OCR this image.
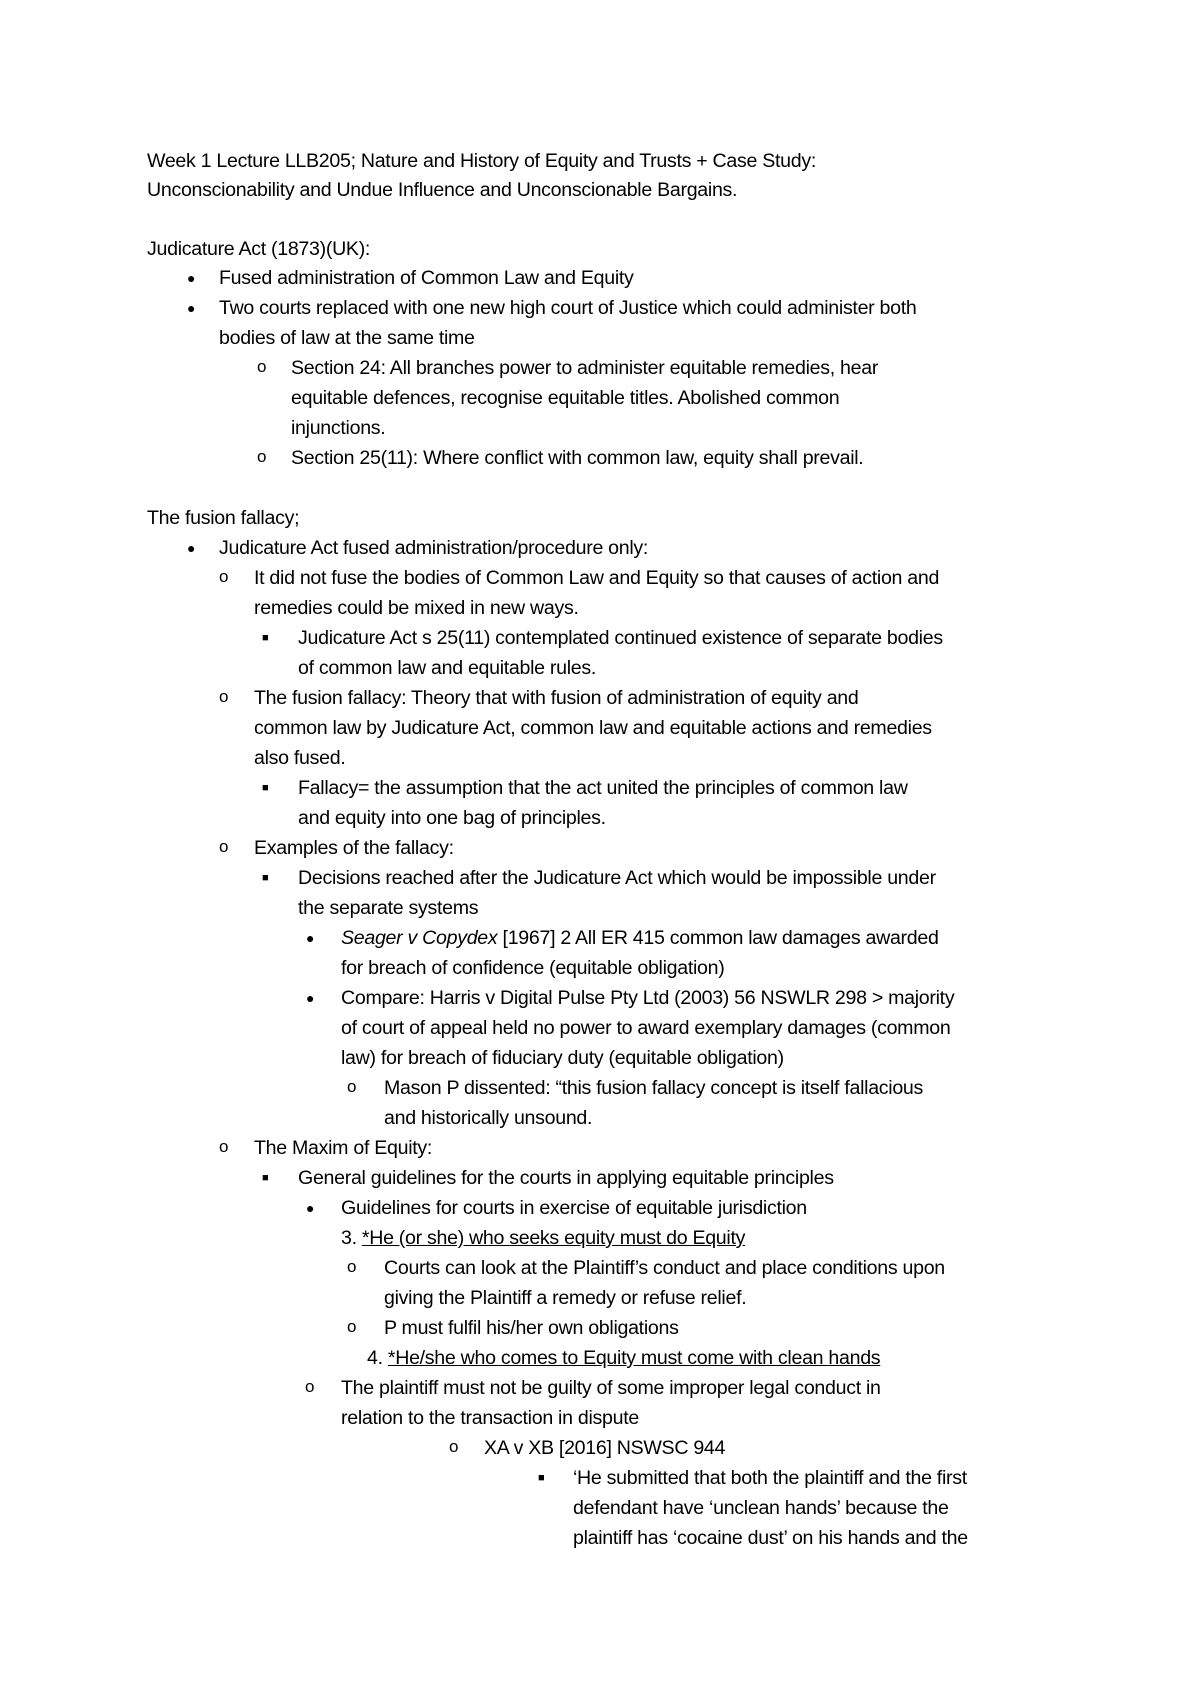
Week 1 Lecture LLB205; Nature and History of Equity and Trusts + Case Study:
Unconscionability and Undue Influence and Unconscionable Bargains.
Judicature Act (1873)(UK):
● Fused administration of Common Law and Equity
● Two courts replaced with one new high court of Justice which could administer both
bodies of law at the same time
o Section 24: All branches power to administer equitable remedies, hear
equitable defences, recognise equitable titles. Abolished common
injunctions.
o Section 25(11): Where conflict with common law, equity shall prevail.
The fusion fallacy;
● Judicature Act fused administration/procedure only:
o It did not fuse the bodies of Common Law and Equity so that causes of action and
remedies could be mixed in new ways.
■ Judicature Act s 25(11) contemplated continued existence of separate bodies
of common law and equitable rules.
o The fusion fallacy: Theory that with fusion of administration of equity and
common law by Judicature Act, common law and equitable actions and remedies
also fused.
■ Fallacy= the assumption that the act united the principles of common law
and equity into one bag of principles.
o Examples of the fallacy:
■ Decisions reached after the Judicature Act which would be impossible under
the separate systems
● Seager v Copydex [1967] 2 All ER 415 common law damages awarded
for breach of confidence (equitable obligation)
● Compare: Harris v Digital Pulse Pty Ltd (2003) 56 NSWLR 298 > majority
of court of appeal held no power to award exemplary damages (common
law) for breach of fiduciary duty (equitable obligation)
o Mason P dissented: “this fusion fallacy concept is itself fallacious
and historically unsound.
o The Maxim of Equity:
■ General guidelines for the courts in applying equitable principles
● Guidelines for courts in exercise of equitable jurisdiction
3. *He (or she) who seeks equity must do Equity
o Courts can look at the Plaintiff’s conduct and place conditions upon
giving the Plaintiff a remedy or refuse relief.
o P must fulfil his/her own obligations
4. *He/she who comes to Equity must come with clean hands
o The plaintiff must not be guilty of some improper legal conduct in
relation to the transaction in dispute
o XA v XB [2016] NSWSC 944
■ ‘He submitted that both the plaintiff and the first
defendant have ‘unclean hands’ because the
plaintiff has ‘cocaine dust’ on his hands and the
